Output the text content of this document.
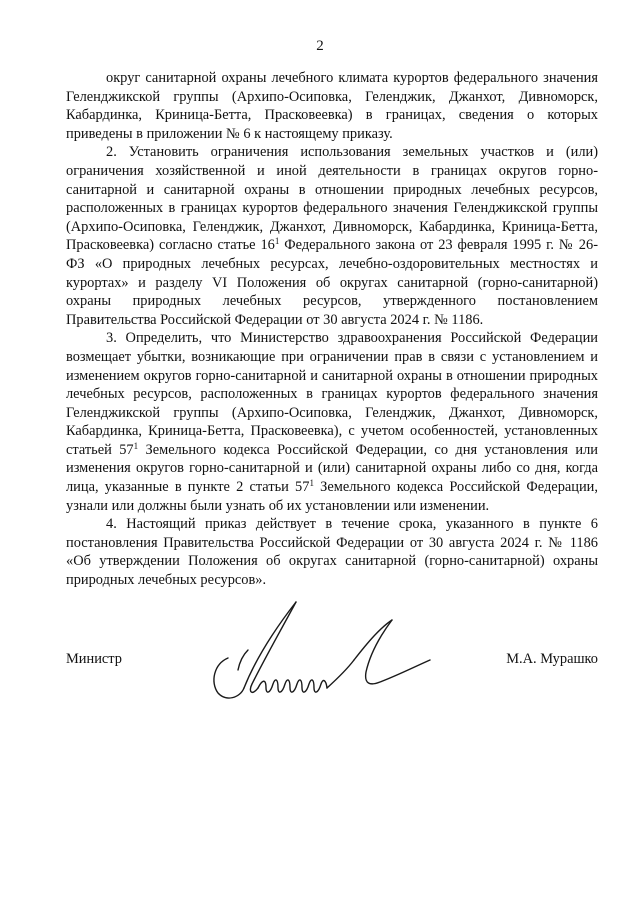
2

округ санитарной охраны лечебного климата курортов федерального значения Геленджикской группы (Архипо-Осиповка, Геленджик, Джанхот, Дивноморск, Кабардинка, Криница-Бетта, Прасковеевка) в границах, сведения о которых приведены в приложении № 6 к настоящему приказу.

2. Установить ограничения использования земельных участков и (или) ограничения хозяйственной и иной деятельности в границах округов горно-санитарной и санитарной охраны в отношении природных лечебных ресурсов, расположенных в границах курортов федерального значения Геленджикской группы (Архипо-Осиповка, Геленджик, Джанхот, Дивноморск, Кабардинка, Криница-Бетта, Прасковеевка) согласно статье $16^1$ Федерального закона от 23 февраля 1995 г. № 26-ФЗ «О природных лечебных ресурсах, лечебно-оздоровительных местностях и курортах» и разделу VI Положения об округах санитарной (горно-санитарной) охраны природных лечебных ресурсов, утвержденного постановлением Правительства Российской Федерации от 30 августа 2024 г. № 1186.

3. Определить, что Министерство здравоохранения Российской Федерации возмещает убытки, возникающие при ограничении прав в связи с установлением и изменением округов горно-санитарной и санитарной охраны в отношении природных лечебных ресурсов, расположенных в границах курортов федерального значения Геленджикской группы (Архипо-Осиповка, Геленджик, Джанхот, Дивноморск, Кабардинка, Криница-Бетта, Прасковеевка), с учетом особенностей, установленных статьей $57^1$ Земельного кодекса Российской Федерации, со дня установления или изменения округов горно-санитарной и (или) санитарной охраны либо со дня, когда лица, указанные в пункте 2 статьи $57^1$ Земельного кодекса Российской Федерации, узнали или должны были узнать об их установлении или изменении.

4. Настоящий приказ действует в течение срока, указанного в пункте 6 постановления Правительства Российской Федерации от 30 августа 2024 г. № 1186 «Об утверждении Положения об округах санитарной (горно-санитарной) охраны природных лечебных ресурсов».

Министр	М.А. Мурашко
